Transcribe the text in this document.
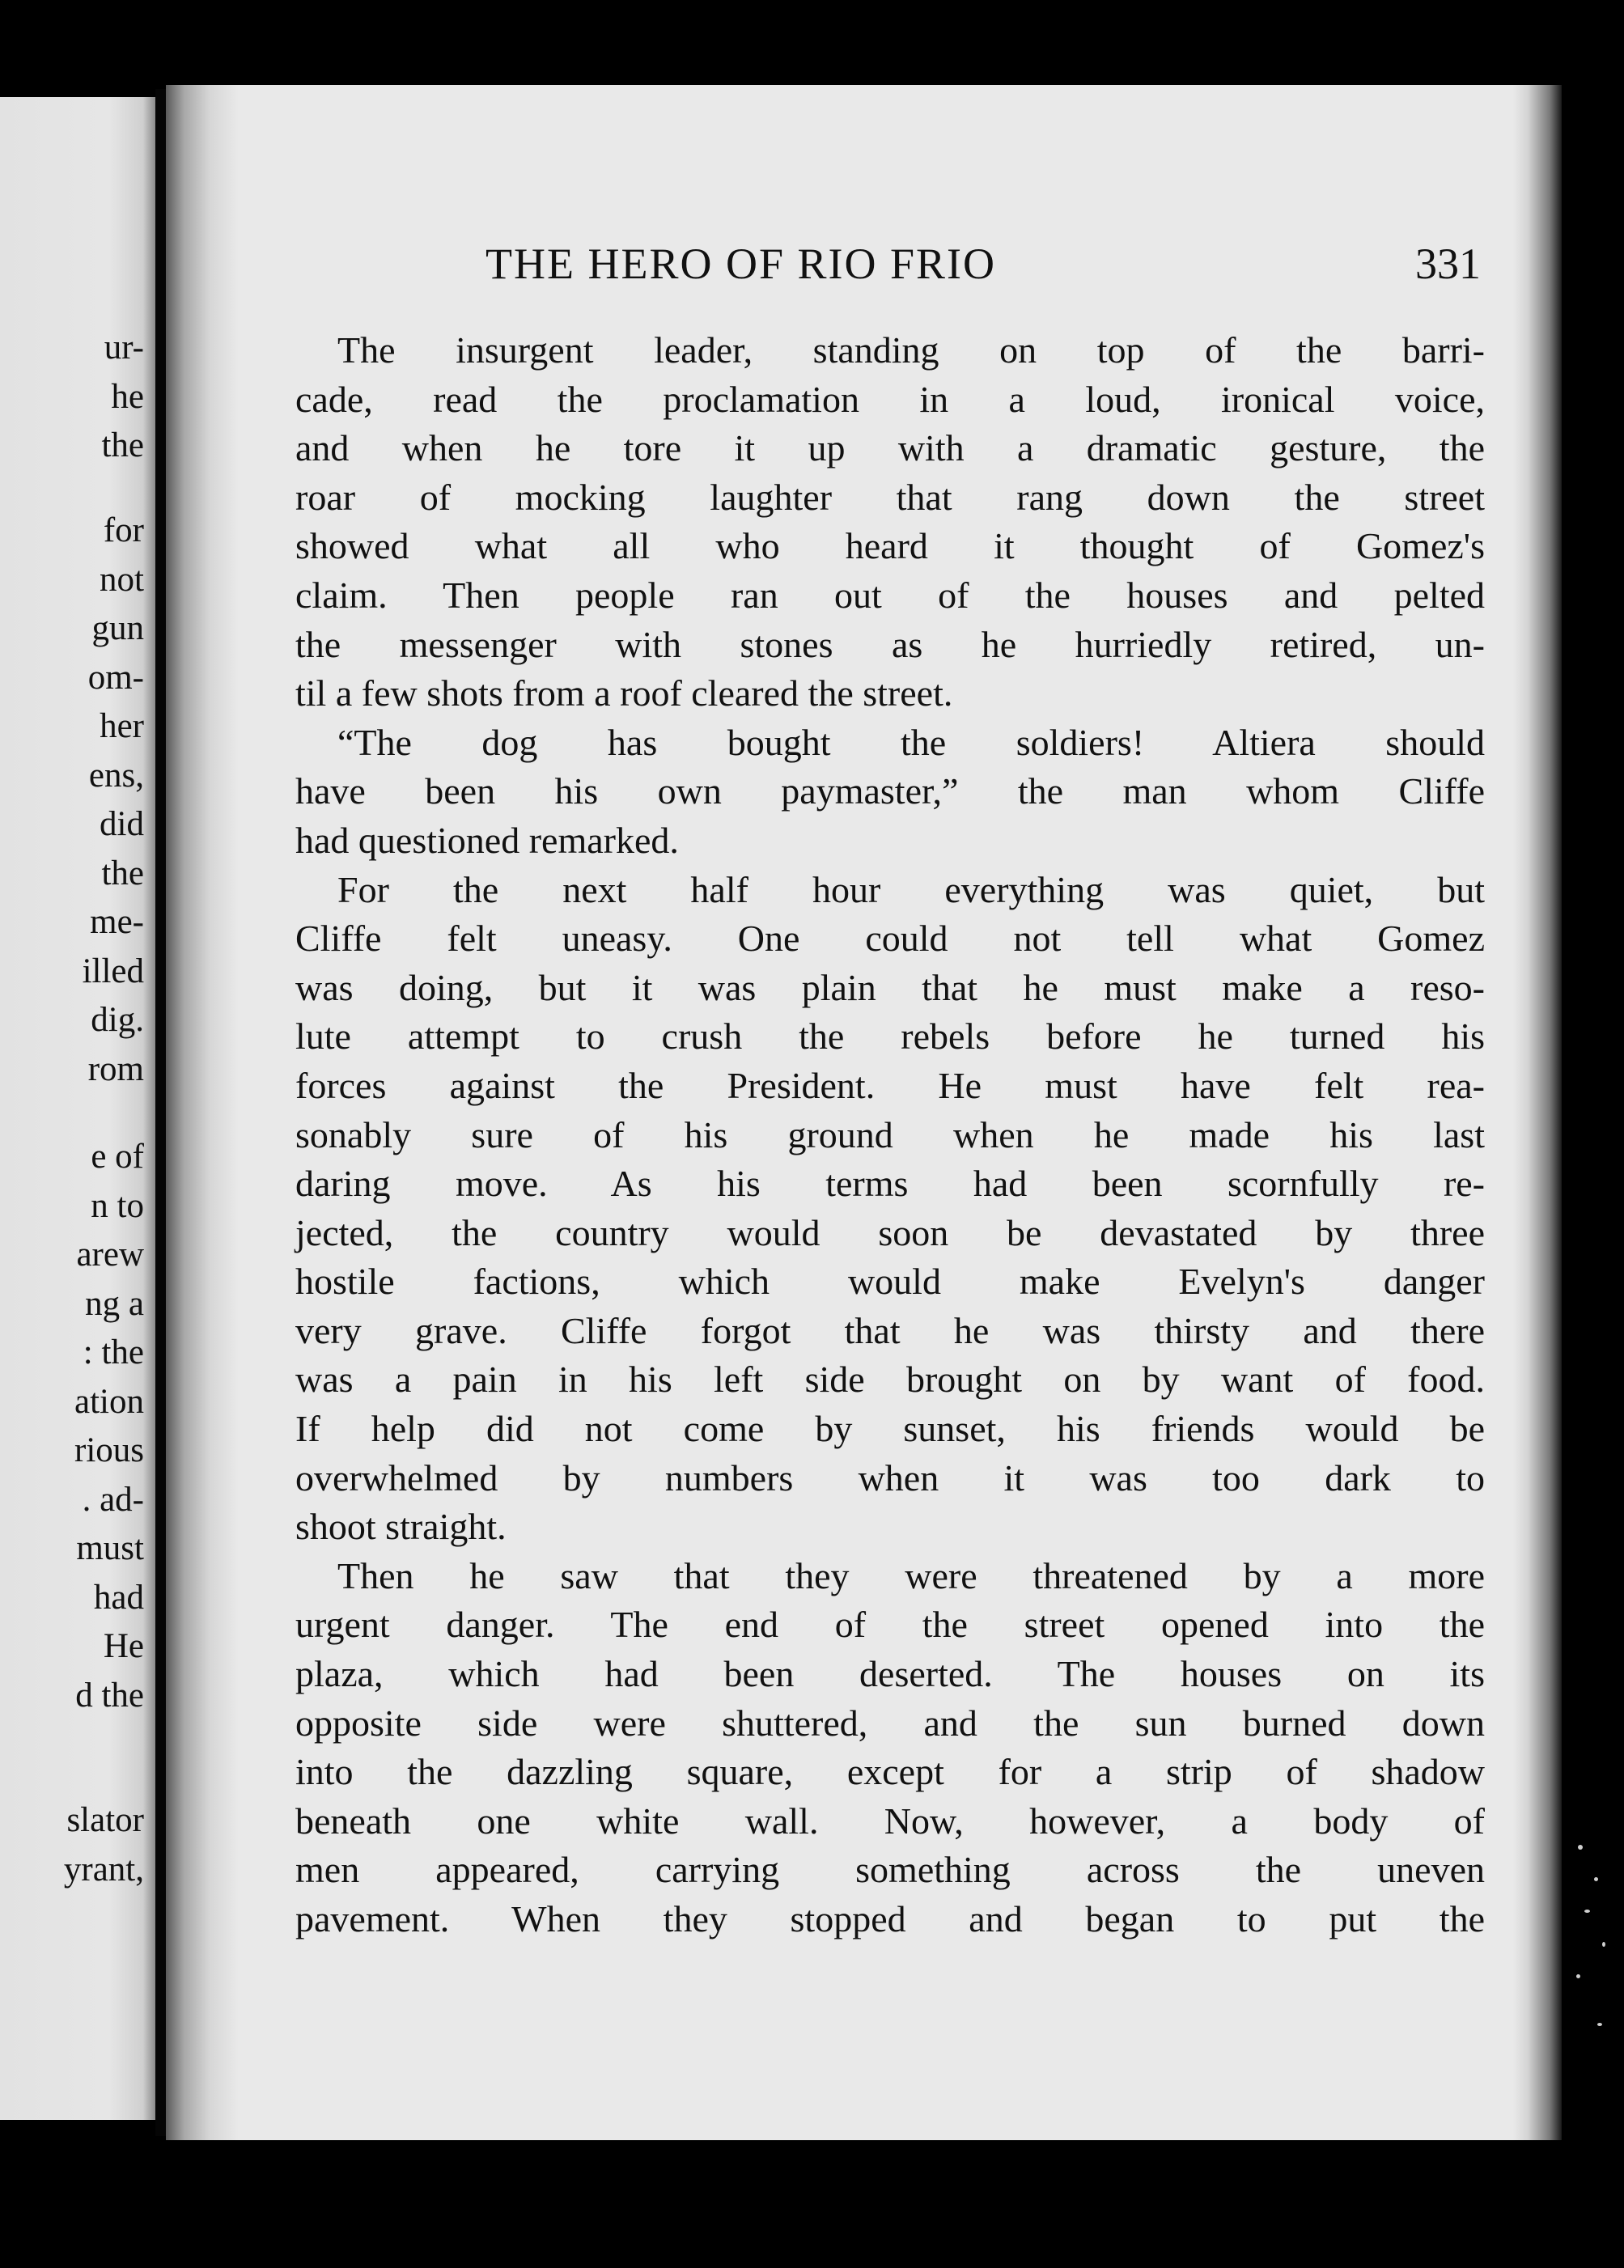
ur-
he
the
for
not
gun
om-
her
ens,
did
the
me-
illed
dig.
rom
e of
n to
arew
ng a
: the
ation
rious
. ad-
must
had
He
d the
slator
yrant,
THE HERO OF RIO FRIO	331
The insurgent leader, standing on top of the barri-
cade, read the proclamation in a loud, ironical voice,
and when he tore it up with a dramatic gesture, the
roar of mocking laughter that rang down the street
showed what all who heard it thought of Gomez's
claim. Then people ran out of the houses and pelted
the messenger with stones as he hurriedly retired, un-
til a few shots from a roof cleared the street.
“The dog has bought the soldiers! Altiera should
have been his own paymaster,” the man whom Cliffe
had questioned remarked.
For the next half hour everything was quiet, but
Cliffe felt uneasy. One could not tell what Gomez
was doing, but it was plain that he must make a reso-
lute attempt to crush the rebels before he turned his
forces against the President. He must have felt rea-
sonably sure of his ground when he made his last
daring move. As his terms had been scornfully re-
jected, the country would soon be devastated by three
hostile factions, which would make Evelyn's danger
very grave. Cliffe forgot that he was thirsty and there
was a pain in his left side brought on by want of food.
If help did not come by sunset, his friends would be
overwhelmed by numbers when it was too dark to
shoot straight.
Then he saw that they were threatened by a more
urgent danger. The end of the street opened into the
plaza, which had been deserted. The houses on its
opposite side were shuttered, and the sun burned down
into the dazzling square, except for a strip of shadow
beneath one white wall. Now, however, a body of
men appeared, carrying something across the uneven
pavement. When they stopped and began to put the
